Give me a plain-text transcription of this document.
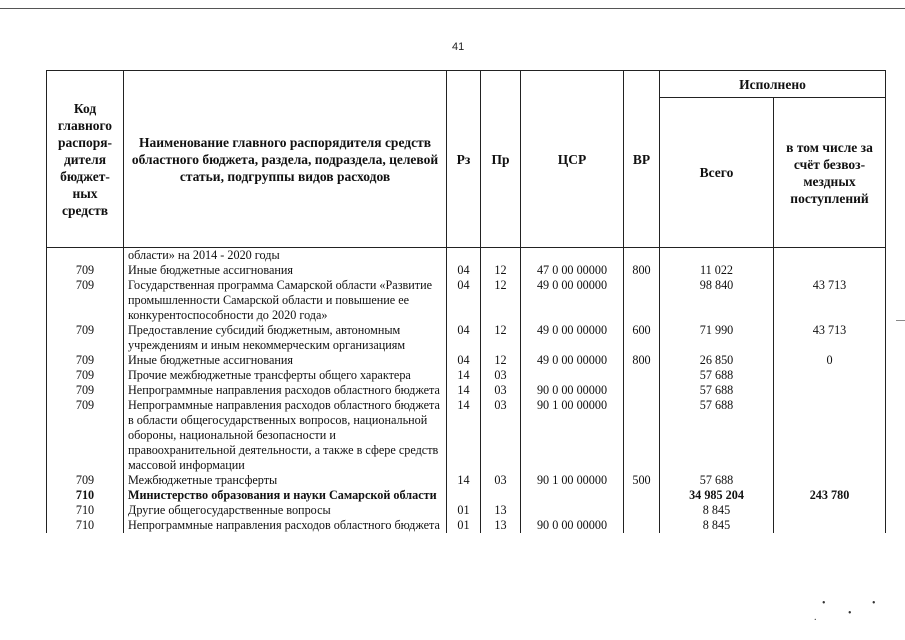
41
Код главного распоря-дителя бюджет-ных средств	Наименование главного распорядителя средств областного бюджета, раздела, подраздела, целевой статьи, подгруппы видов расходов	Рз	Пр	ЦСР	ВР	Исполнено	
						Всего	в том числе за счёт безвоз-мездных поступлений
	области» на 2014 - 2020 годы						
709	Иные бюджетные ассигнования	04	12	47 0 00 00000	800	11 022	
709	Государственная программа Самарской области «Развитие промышленности Самарской области и повышение ее конкурентоспособности до 2020 года»	04	12	49 0 00 00000		98 840	43 713
709	Предоставление субсидий бюджетным, автономным учреждениям и иным некоммерческим организациям	04	12	49 0 00 00000	600	71 990	43 713
709	Иные бюджетные ассигнования	04	12	49 0 00 00000	800	26 850	0
709	Прочие межбюджетные трансферты общего характера	14	03			57 688	
709	Непрограммные направления расходов областного бюджета	14	03	90 0 00 00000		57 688	
709	Непрограммные направления расходов областного бюджета в области общегосударственных вопросов, национальной обороны, национальной безопасности и правоохранительной деятельности, а также в сфере средств массовой информации	14	03	90 1 00 00000		57 688	
709	Межбюджетные трансферты	14	03	90 1 00 00000	500	57 688	
710	Министерство образования и науки Самарской области					34 985 204	243 780
710	Другие общегосударственные вопросы	01	13			8 845	
710	Непрограммные направления расходов областного бюджета	01	13	90 0 00 00000		8 845	
•
.	•
•
